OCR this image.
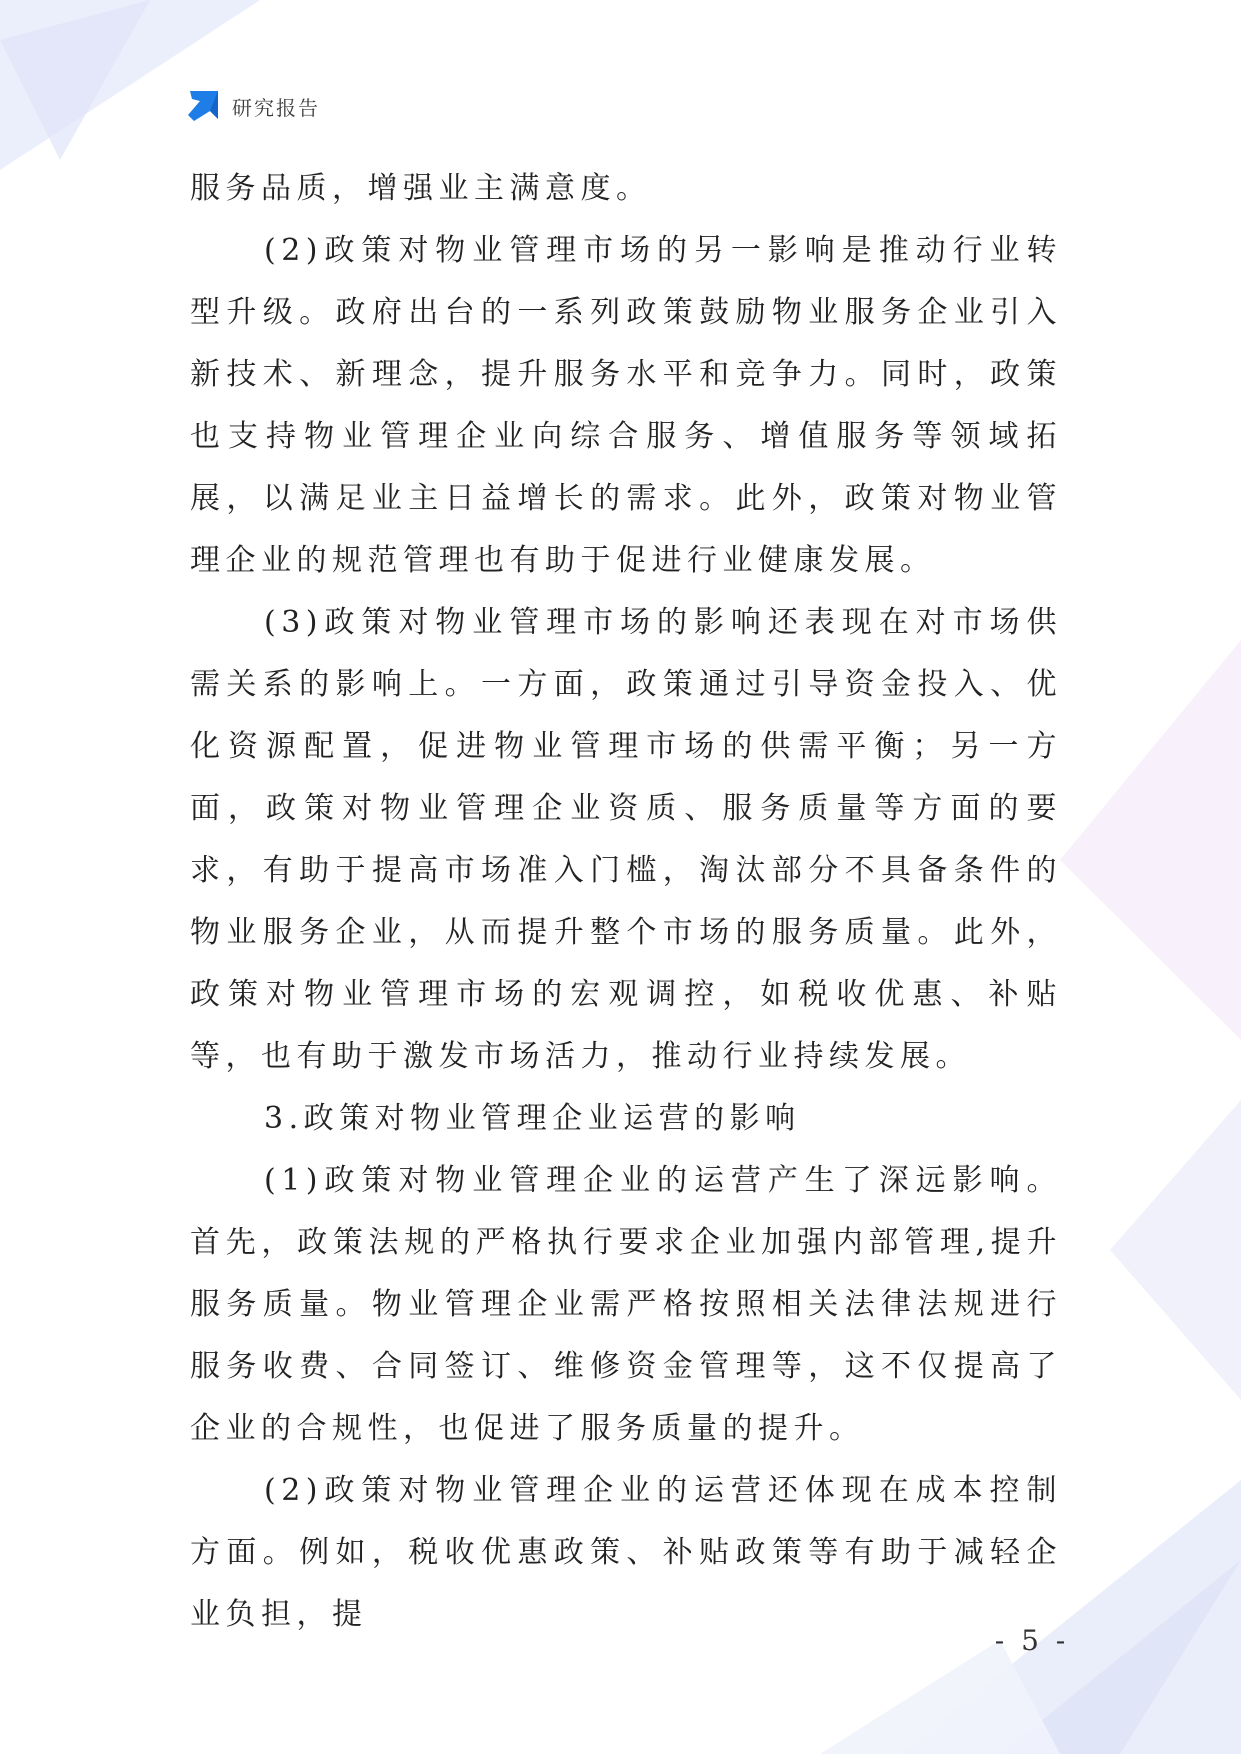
研究报告

服务品质，增强业主满意度。

(2)政策对物业管理市场的另一影响是推动行业转型升级。政府出台的一系列政策鼓励物业服务企业引入新技术、新理念，提升服务水平和竞争力。同时，政策也支持物业管理企业向综合服务、增值服务等领域拓展，以满足业主日益增长的需求。此外，政策对物业管理企业的规范管理也有助于促进行业健康发展。

(3)政策对物业管理市场的影响还表现在对市场供需关系的影响上。一方面，政策通过引导资金投入、优化资源配置，促进物业管理市场的供需平衡；另一方面，政策对物业管理企业资质、服务质量等方面的要求，有助于提高市场准入门槛，淘汰部分不具备条件的物业服务企业，从而提升整个市场的服务质量。此外，政策对物业管理市场的宏观调控，如税收优惠、补贴等，也有助于激发市场活力，推动行业持续发展。

3.政策对物业管理企业运营的影响

(1)政策对物业管理企业的运营产生了深远影响。首先，政策法规的严格执行要求企业加强内部管理,提升服务质量。物业管理企业需严格按照相关法律法规进行服务收费、合同签订、维修资金管理等，这不仅提高了企业的合规性，也促进了服务质量的提升。

(2)政策对物业管理企业的运营还体现在成本控制方面。例如，税收优惠政策、补贴政策等有助于减轻企业负担，提

- 5 -
